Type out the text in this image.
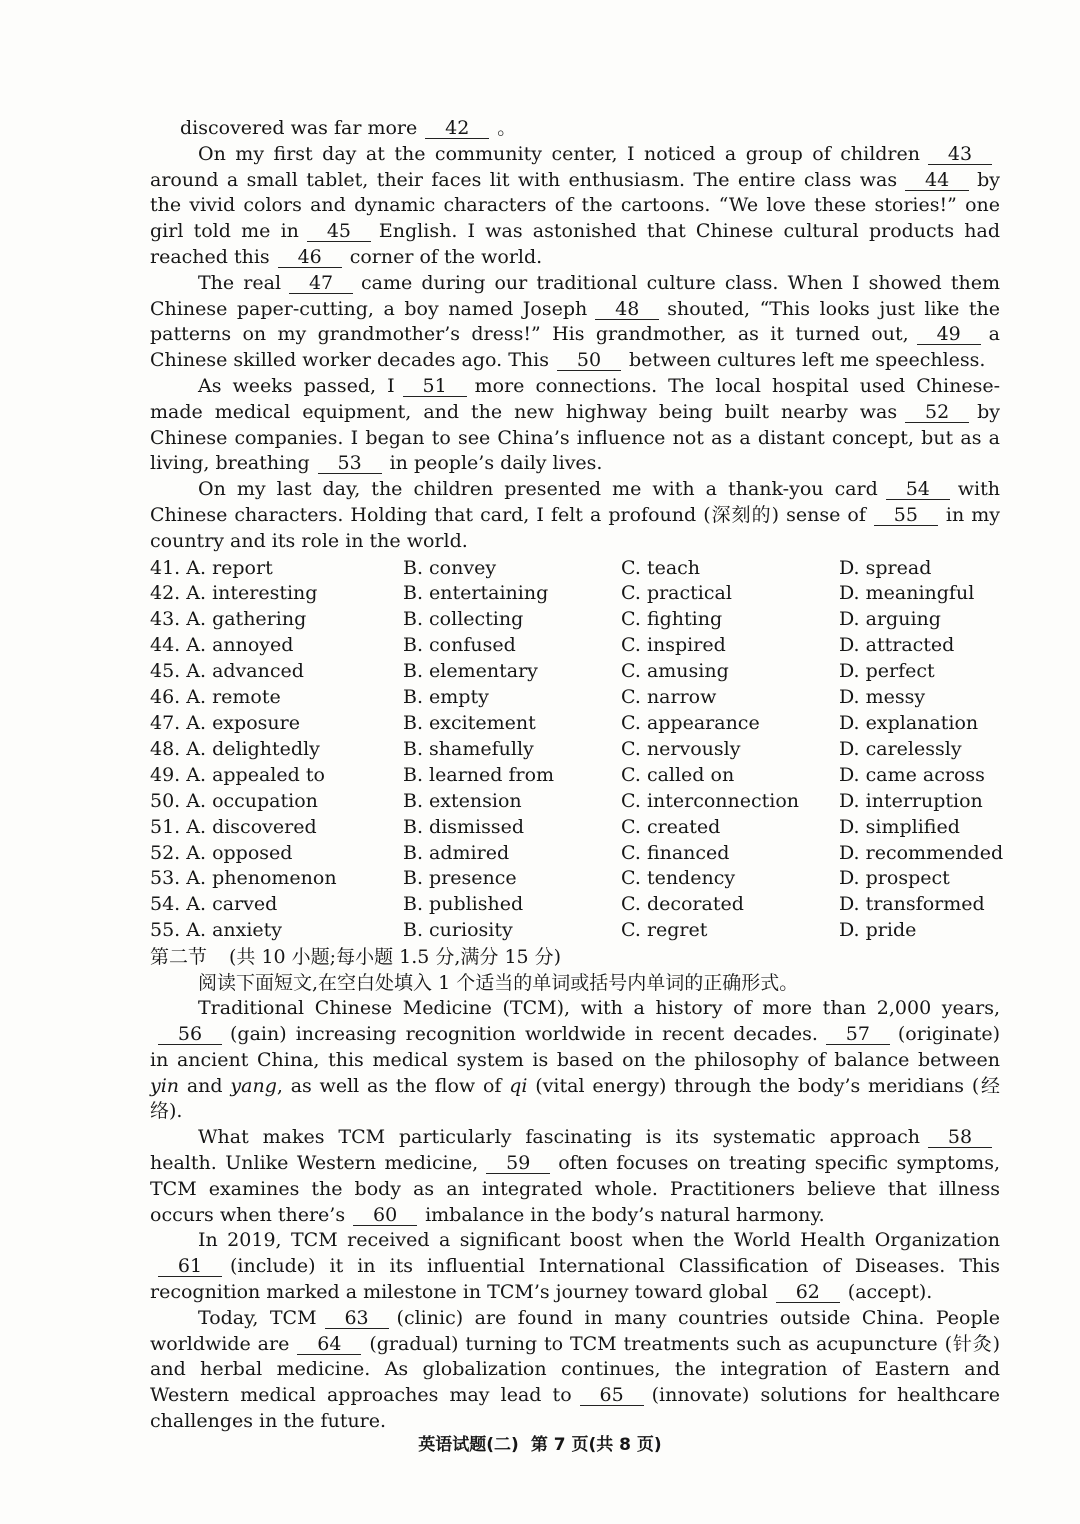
discovered was far more 42 。

On my first day at the community center, I noticed a group of children 43around a small tablet, their faces lit with enthusiasm. The entire class was 44 by the vivid colors and dynamic characters of the cartoons. “We love these stories!” one girl told me in 45 English. I was astonished that Chinese cultural products had reached this 46 corner of the world.

The real 47 came during our traditional culture class. When I showed them Chinese paper-cutting, a boy named Joseph 48 shouted, “This looks just like the patterns on my grandmother’s dress!” His grandmother, as it turned out, 49 a Chinese skilled worker decades ago. This 50 between cultures left me speechless.

As weeks passed, I 51 more connections. The local hospital used Chinese-made medical equipment, and the new highway being built nearby was 52 by Chinese companies. I began to see China’s influence not as a distant concept, but as a living, breathing 53 in people’s daily lives.

On my last day, the children presented me with a thank-you card 54 with Chinese characters. Holding that card, I felt a profound (深刻的) sense of 55 in my country and its role in the world.

41. A. report	B. convey	C. teach	D. spread
42. A. interesting	B. entertaining	C. practical	D. meaningful
43. A. gathering	B. collecting	C. fighting	D. arguing
44. A. annoyed	B. confused	C. inspired	D. attracted
45. A. advanced	B. elementary	C. amusing	D. perfect
46. A. remote	B. empty	C. narrow	D. messy
47. A. exposure	B. excitement	C. appearance	D. explanation
48. A. delightedly	B. shamefully	C. nervously	D. carelessly
49. A. appealed to	B. learned from	C. called on	D. came across
50. A. occupation	B. extension	C. interconnection	D. interruption
51. A. discovered	B. dismissed	C. created	D. simplified
52. A. opposed	B. admired	C. financed	D. recommended
53. A. phenomenon	B. presence	C. tendency	D. prospect
54. A. carved	B. published	C. decorated	D. transformed
55. A. anxiety	B. curiosity	C. regret	D. pride

第二节 (共 10 小题;每小题 1.5 分,满分 15 分)

阅读下面短文,在空白处填入 1 个适当的单词或括号内单词的正确形式。

Traditional Chinese Medicine (TCM), with a history of more than 2,000 years,56 (gain) increasing recognition worldwide in recent decades. 57 (originate) in ancient China, this medical system is based on the philosophy of balance between yin and yang, as well as the flow of qi (vital energy) through the body’s meridians (经络).

What makes TCM particularly fascinating is its systematic approach 58health. Unlike Western medicine, 59 often focuses on treating specific symptoms, TCM examines the body as an integrated whole. Practitioners believe that illness occurs when there’s 60 imbalance in the body’s natural harmony.

In 2019, TCM received a significant boost when the World Health Organization61 (include) it in its influential International Classification of Diseases. This recognition marked a milestone in TCM’s journey toward global 62 (accept).

Today, TCM 63 (clinic) are found in many countries outside China. People worldwide are 64 (gradual) turning to TCM treatments such as acupuncture (针灸) and herbal medicine. As globalization continues, the integration of Eastern and Western medical approaches may lead to 65 (innovate) solutions for healthcare challenges in the future.

英语试题(二) 第 7 页(共 8 页)
